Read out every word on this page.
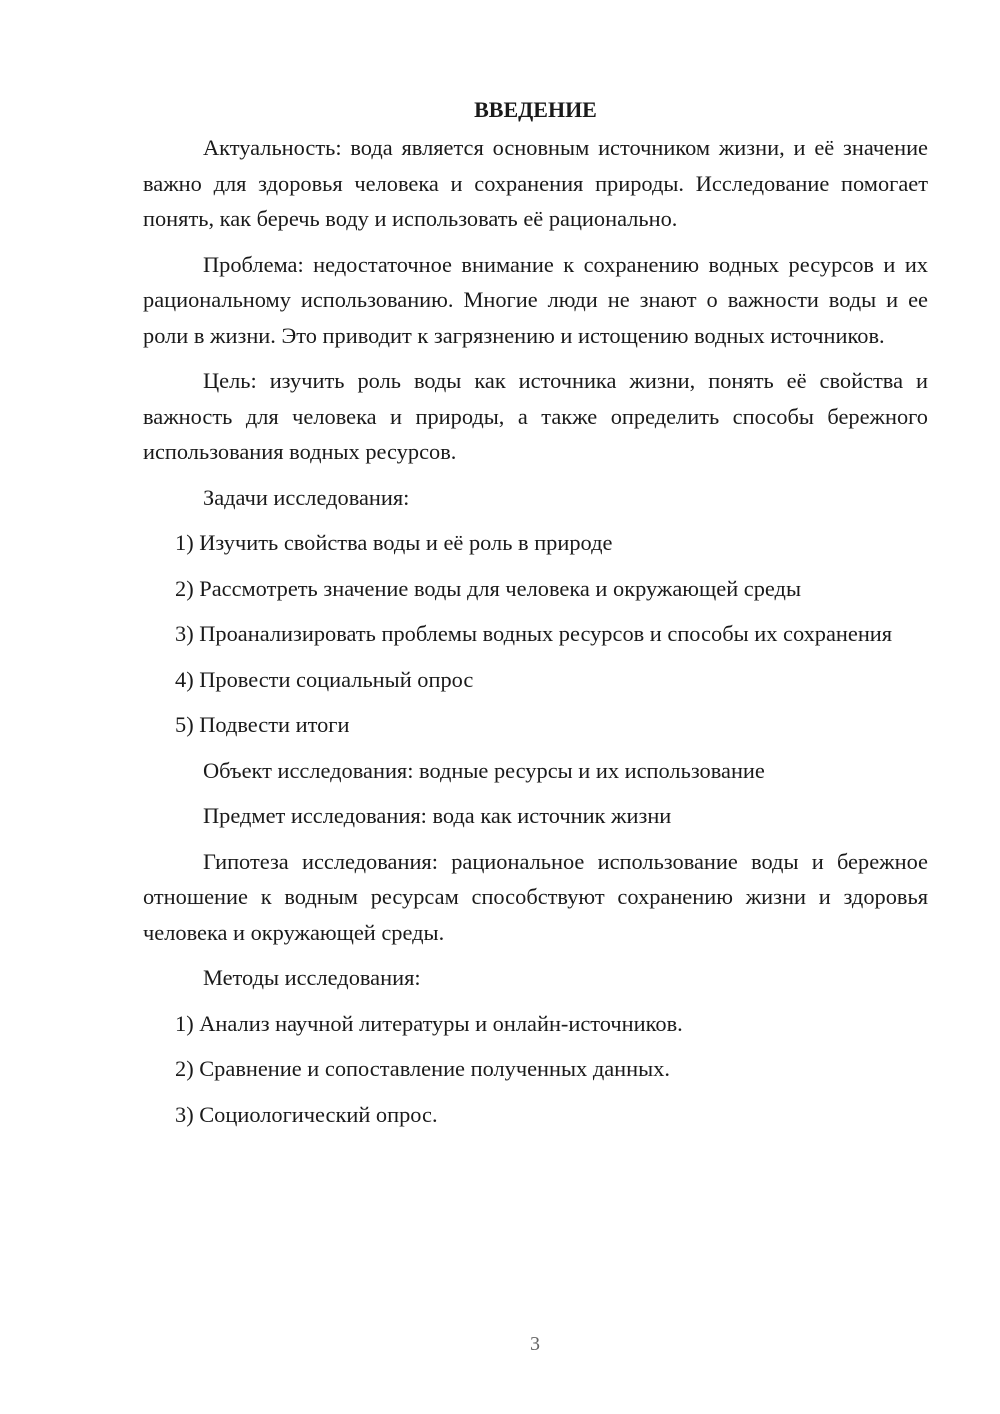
ВВЕДЕНИЕ

Актуальность: вода является основным источником жизни, и её значение важно для здоровья человека и сохранения природы. Исследование помогает понять, как беречь воду и использовать её рационально.

Проблема: недостаточное внимание к сохранению водных ресурсов и их рациональному использованию. Многие люди не знают о важности воды и ее роли в жизни. Это приводит к загрязнению и истощению водных источников.

Цель: изучить роль воды как источника жизни, понять её свойства и важность для человека и природы, а также определить способы бережного использования водных ресурсов.

Задачи исследования:

1) Изучить свойства воды и её роль в природе

2) Рассмотреть значение воды для человека и окружающей среды

3) Проанализировать проблемы водных ресурсов и способы их сохранения

4) Провести социальный опрос

5) Подвести итоги

Объект исследования: водные ресурсы и их использование

Предмет исследования: вода как источник жизни

Гипотеза исследования: рациональное использование воды и бережное отношение к водным ресурсам способствуют сохранению жизни и здоровья человека и окружающей среды.

Методы исследования:

1) Анализ научной литературы и онлайн-источников.

2) Сравнение и сопоставление полученных данных.

3) Социологический опрос.

3
